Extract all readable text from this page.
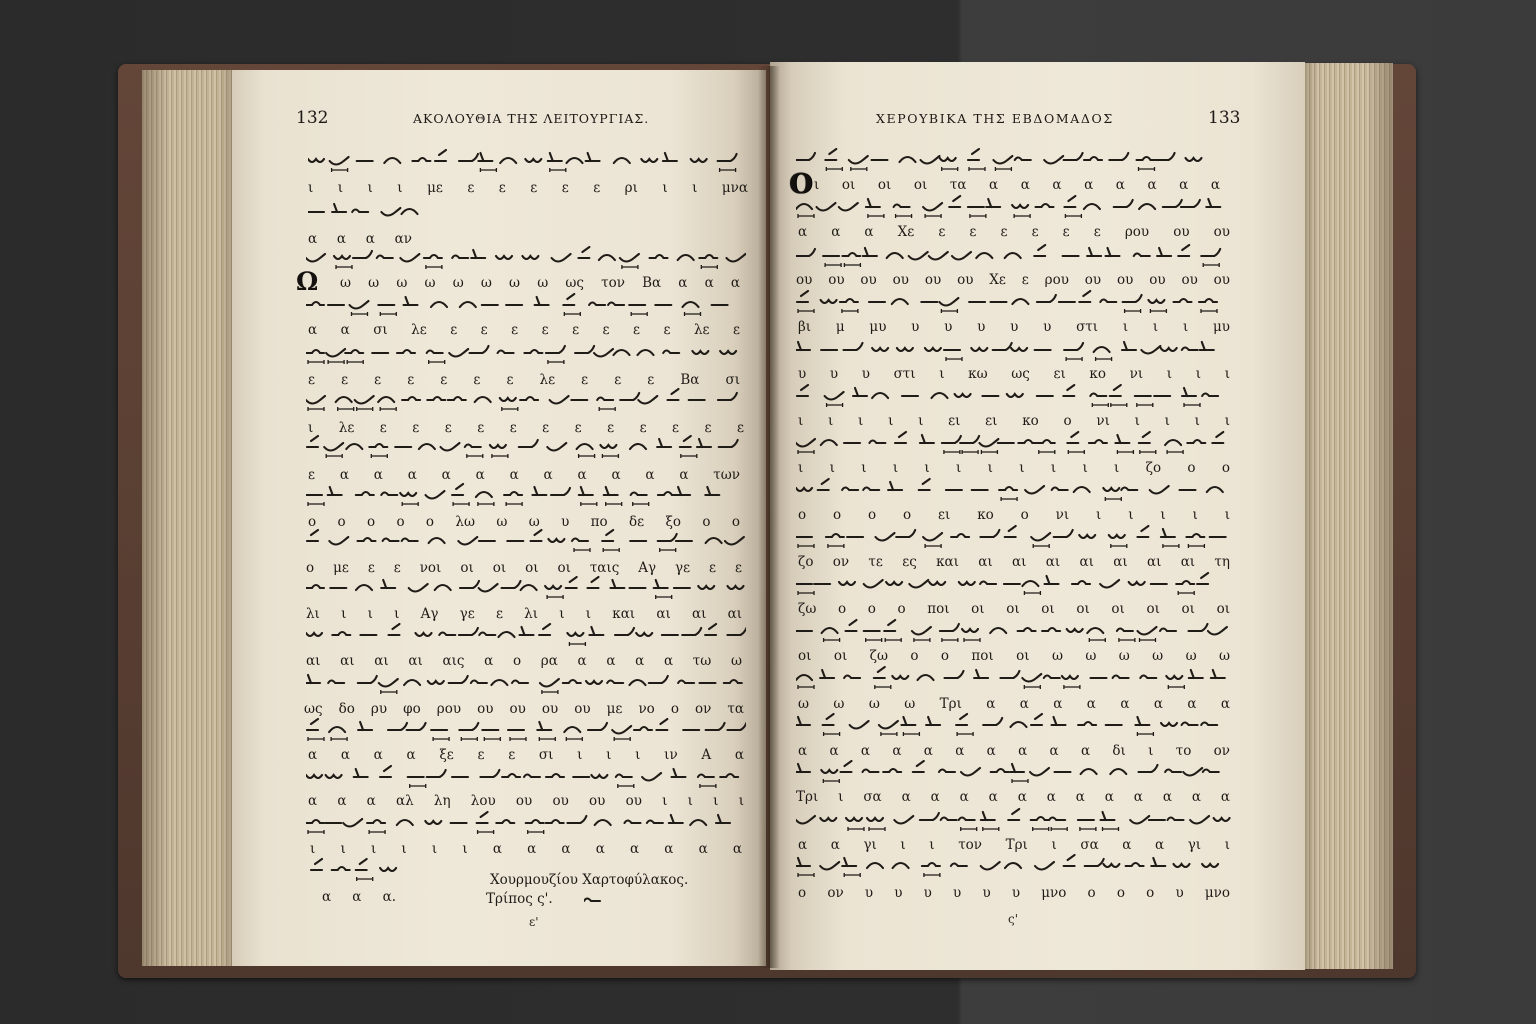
132	ΑΚΟΛΟΥΘΙΑ ΤΗΣ ΛΕΙΤΟΥΡΓΙΑΣ.
ι ι ι ι με ε ε ε ε ε ρι ι ι μνα
α α α αν
Ω ω ω ω ω ω ω ω ω ως τον Βα α α α
α α σι λε ε ε ε ε ε ε ε ε λε ε
ε ε ε ε ε ε ε λε ε ε ε Βα σι
ι λε ε ε ε ε ε ε ε ε ε ε ε ε
ε α α α α α α α α α α α των
ο ο ο ο ο λω ω ω υ πο δε ξο ο ο
ο με ε ε νοι οι οι οι οι ταις Αγ γε ε ε
λι ι ι ι Αγ γε ε λι ι ι και αι αι αι
αι αι αι αι αις α ο ρα α α α α τω ω
ως δο ρυ φο ρου ου ου ου ου με νο ο ον τα
α α α α ξε ε ε σι ι ι ι ιν Α α
α α α αλ λη λου ου ου ου ου ι ι ι ι
ι ι ι ι ι ι α α α α α α α α
α α α.
Χουρμουζίου Χαρτοφύλακος.
Τρίπος ς'.
ε'
ΧΕΡΟΥΒΙΚΑ ΤΗΣ ΕΒΔΟΜΑΔΟΣ	133
Ο ι οι οι οι τα α α α α α α α α
α α α Χε ε ε ε ε ε ε ρου ου ου
ου ου ου ου ου ου Χε ε ρου ου ου ου ου ου
βι μ μυ υ υ υ υ υ στι ι ι ι μυ
υ υ υ στι ι κω ως ει κο νι ι ι ι
ι ι ι ι ι ει ει κο ο νι ι ι ι ι
ι ι ι ι ι ι ι ι ι ι ι ζο ο ο
ο ο ο ο ει κο ο νι ι ι ι ι ι
ζο ον τε ες και αι αι αι αι αι αι αι τη
ζω ο ο ο ποι οι οι οι οι οι οι οι οι
οι οι ζω ο ο ποι οι ω ω ω ω ω ω
ω ω ω ω Τρι α α α α α α α α
α α α α α α α α α α δι ι το ον
Τρι ι σα α α α α α α α α α α α α
α α γι ι ι τον Τρι ι σα α α γι ι
ο ον υ υ υ υ υ υ μνο ο ο ο υ μνο
ς'
